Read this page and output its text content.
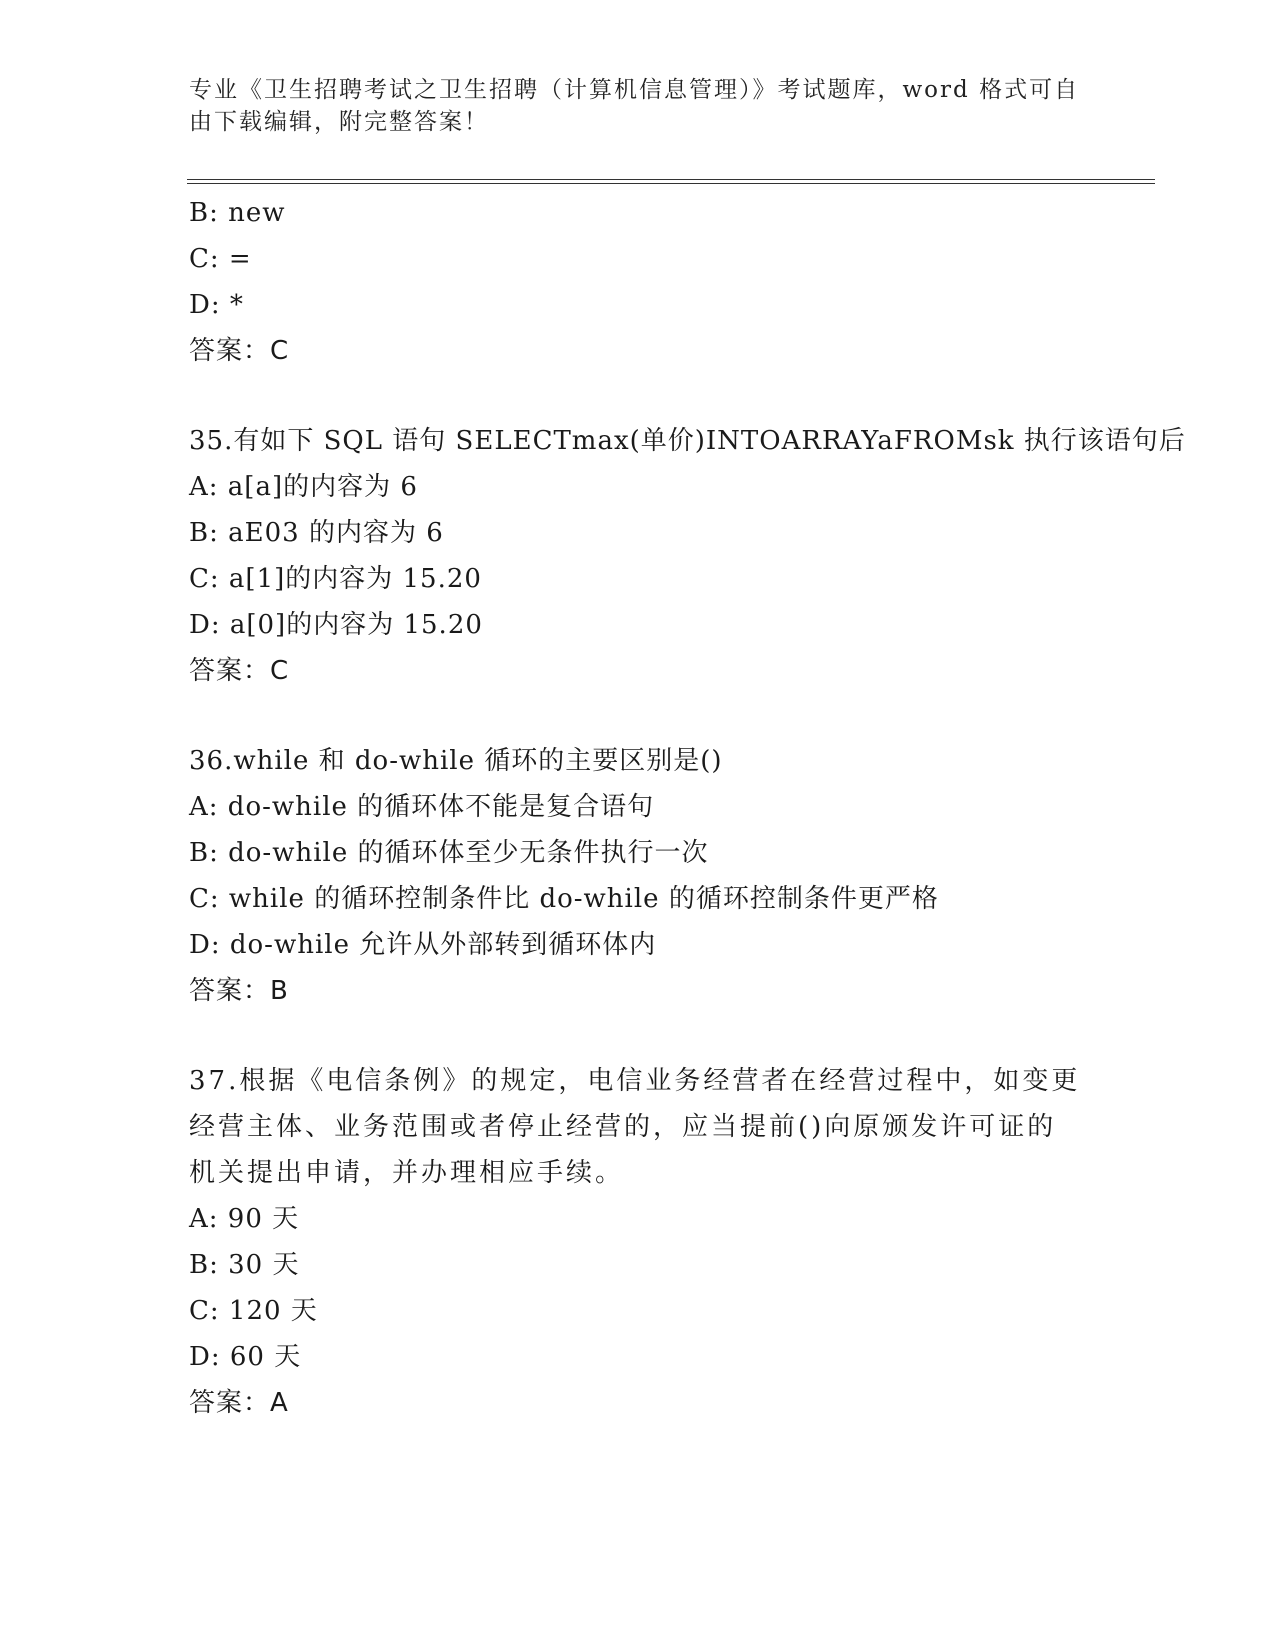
专业《卫生招聘考试之卫生招聘（计算机信息管理）》考试题库，word 格式可自
由下载编辑，附完整答案！
B: new
C: =
D: *
答案：C
35.有如下 SQL 语句 SELECTmax(单价)INTOARRAYaFROMsk 执行该语句后
A: a[a]的内容为 6
B: aE03 的内容为 6
C: a[1]的内容为 15.20
D: a[0]的内容为 15.20
答案：C
36.while 和 do-while 循环的主要区别是()
A: do-while 的循环体不能是复合语句
B: do-while 的循环体至少无条件执行一次
C: while 的循环控制条件比 do-while 的循环控制条件更严格
D: do-while 允许从外部转到循环体内
答案：B
37.根据《电信条例》的规定，电信业务经营者在经营过程中，如变更
经营主体、业务范围或者停止经营的，应当提前()向原颁发许可证的
机关提出申请，并办理相应手续。
A: 90 天
B: 30 天
C: 120 天
D: 60 天
答案：A
